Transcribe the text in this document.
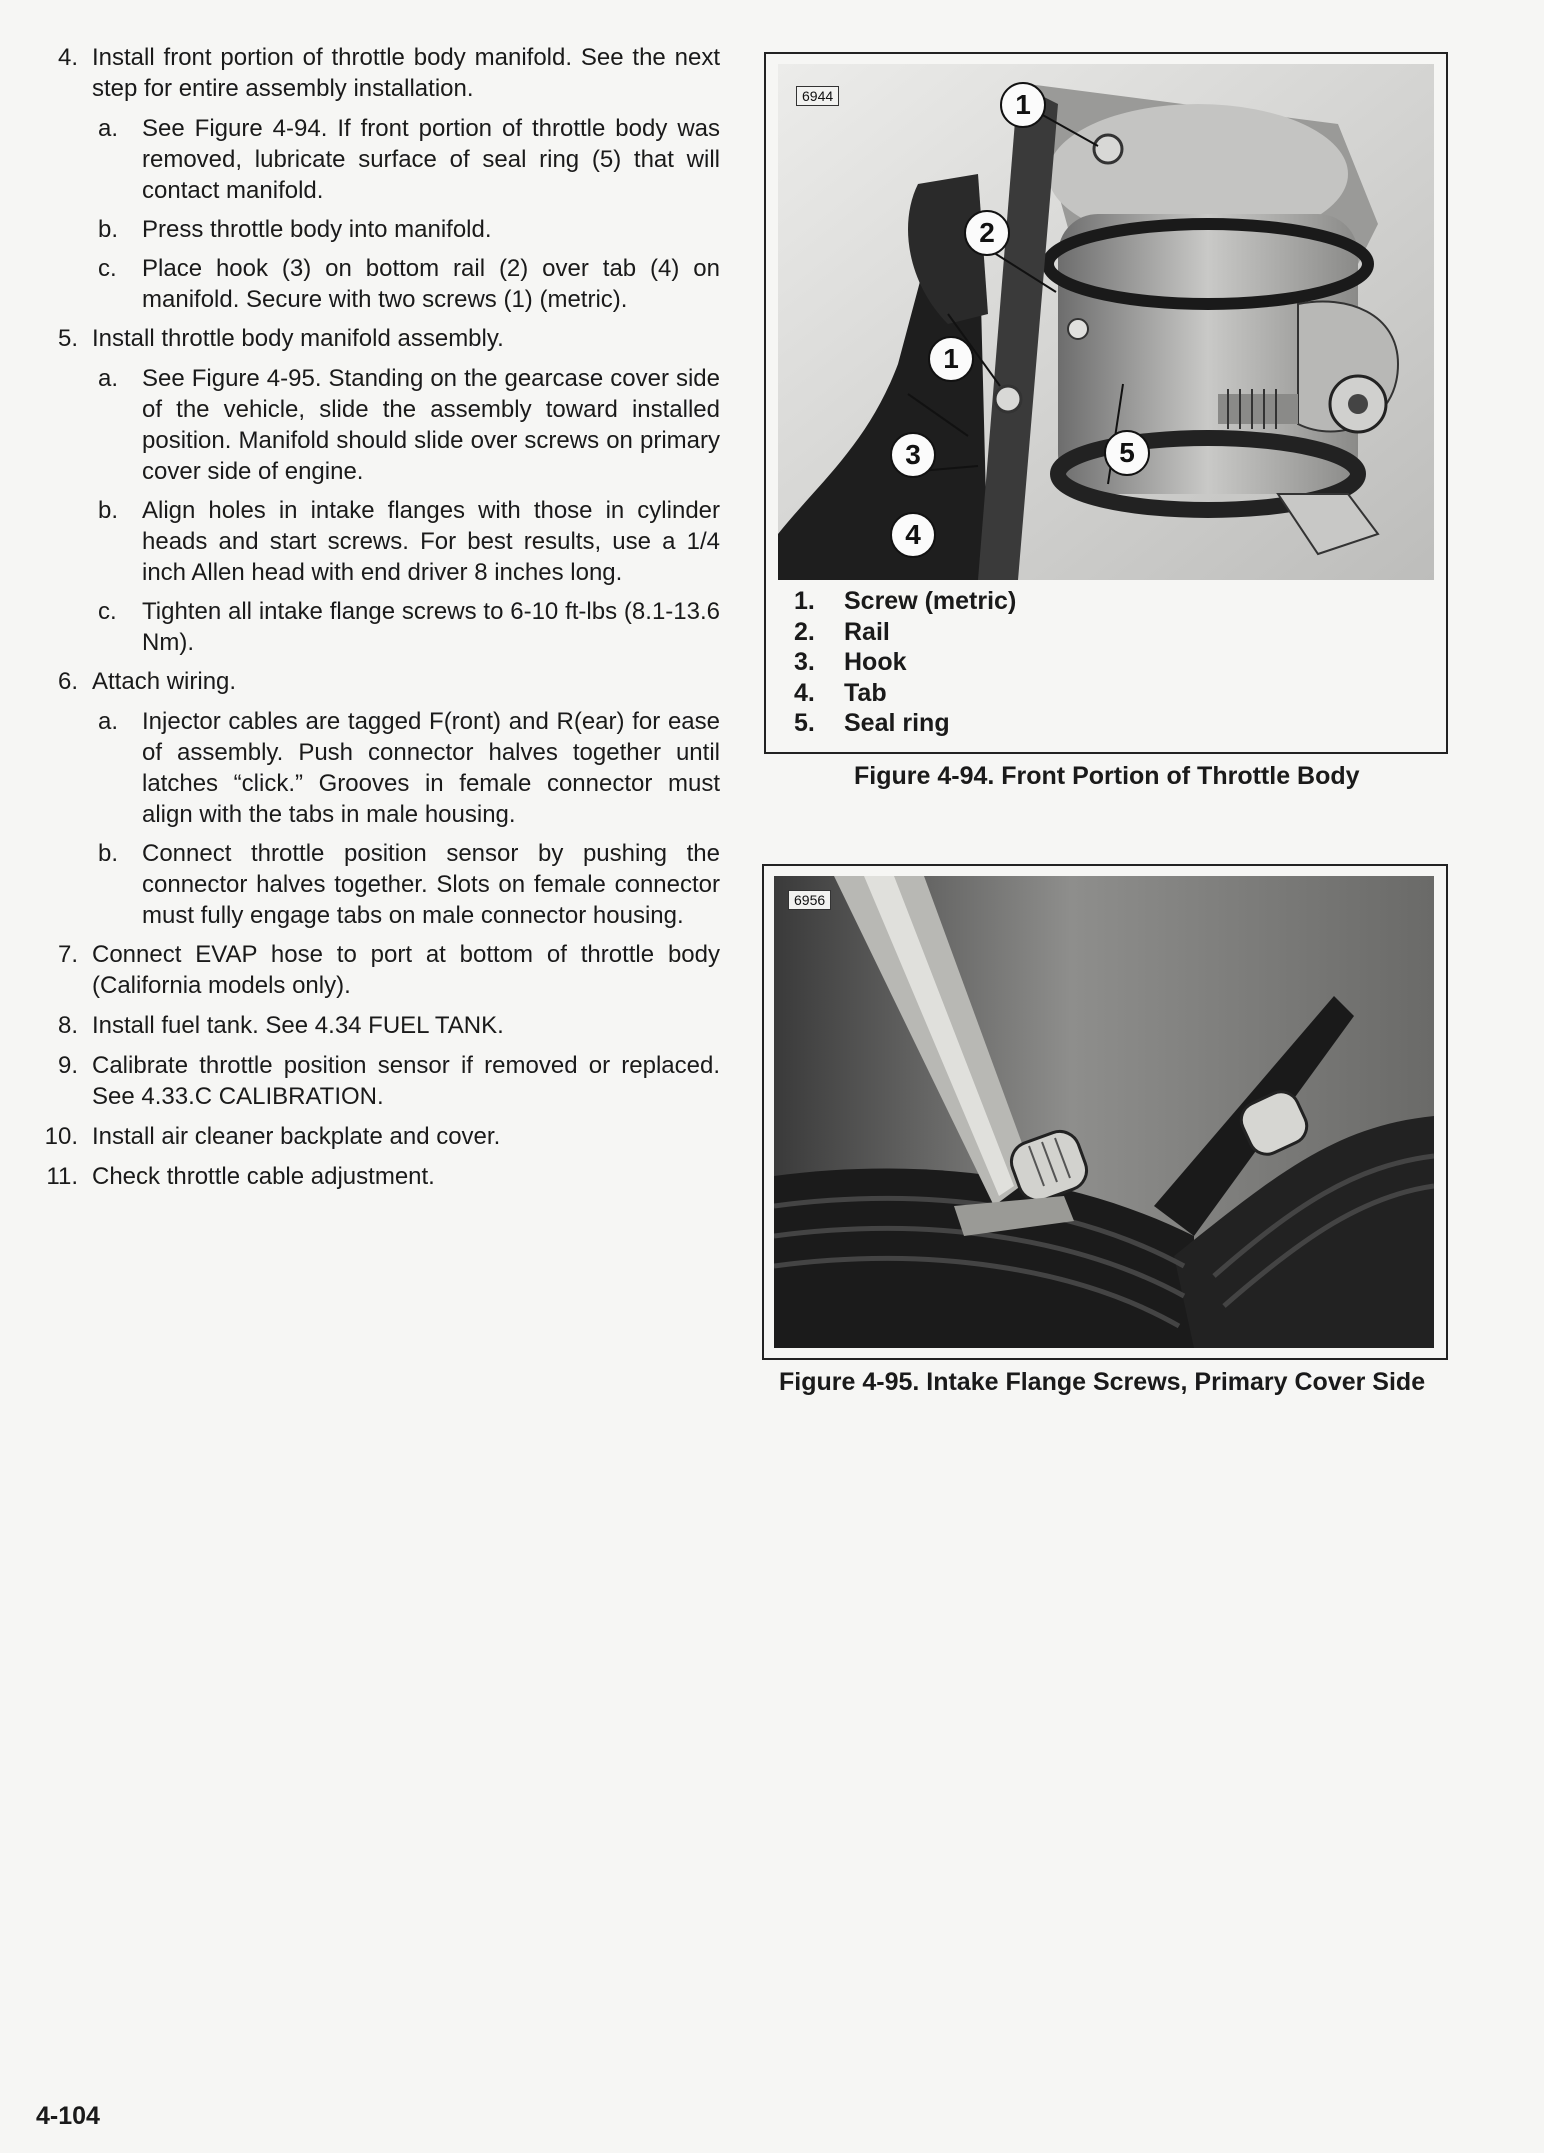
4. Install front portion of throttle body manifold. See the next step for entire assembly installation.
a. See Figure 4-94. If front portion of throttle body was removed, lubricate surface of seal ring (5) that will contact manifold.
b. Press throttle body into manifold.
c.	Place hook (3) on bottom rail (2) over tab (4) on manifold. Secure with two screws (1) (metric).
5. Install throttle body manifold assembly.
a. See Figure 4-95. Standing on the gearcase cover side of the vehicle, slide the assembly toward installed position. Manifold should slide over screws on primary cover side of engine.
b. Align holes in intake flanges with those in cylinder heads and start screws. For best results, use a 1/4 inch Allen head with end driver 8 inches long.
c.	Tighten all intake flange screws to 6-10 ft-lbs (8.1-13.6 Nm).
6. Attach wiring.
a. Injector cables are tagged F(ront) and R(ear) for ease of assembly. Push connector halves together until latches “click.” Grooves in female connector must align with the tabs in male housing.
b. Connect throttle position sensor by pushing the connector halves together. Slots on female connector must fully engage tabs on male connector housing.
7. Connect EVAP hose to port at bottom of throttle body (California models only).
8. Install fuel tank. See 4.34 FUEL TANK.
9. Calibrate throttle position sensor if removed or replaced. See 4.33.C CALIBRATION.
10. Install air cleaner backplate and cover.
11. Check throttle cable adjustment.
6944	1
2
1
3	5
4
1.	Screw (metric)
2.	Rail
3.	Hook
4.	Tab
5.	Seal ring
Figure 4-94. Front Portion of Throttle Body
6956
Figure 4-95. Intake Flange Screws, Primary Cover Side
4-104
